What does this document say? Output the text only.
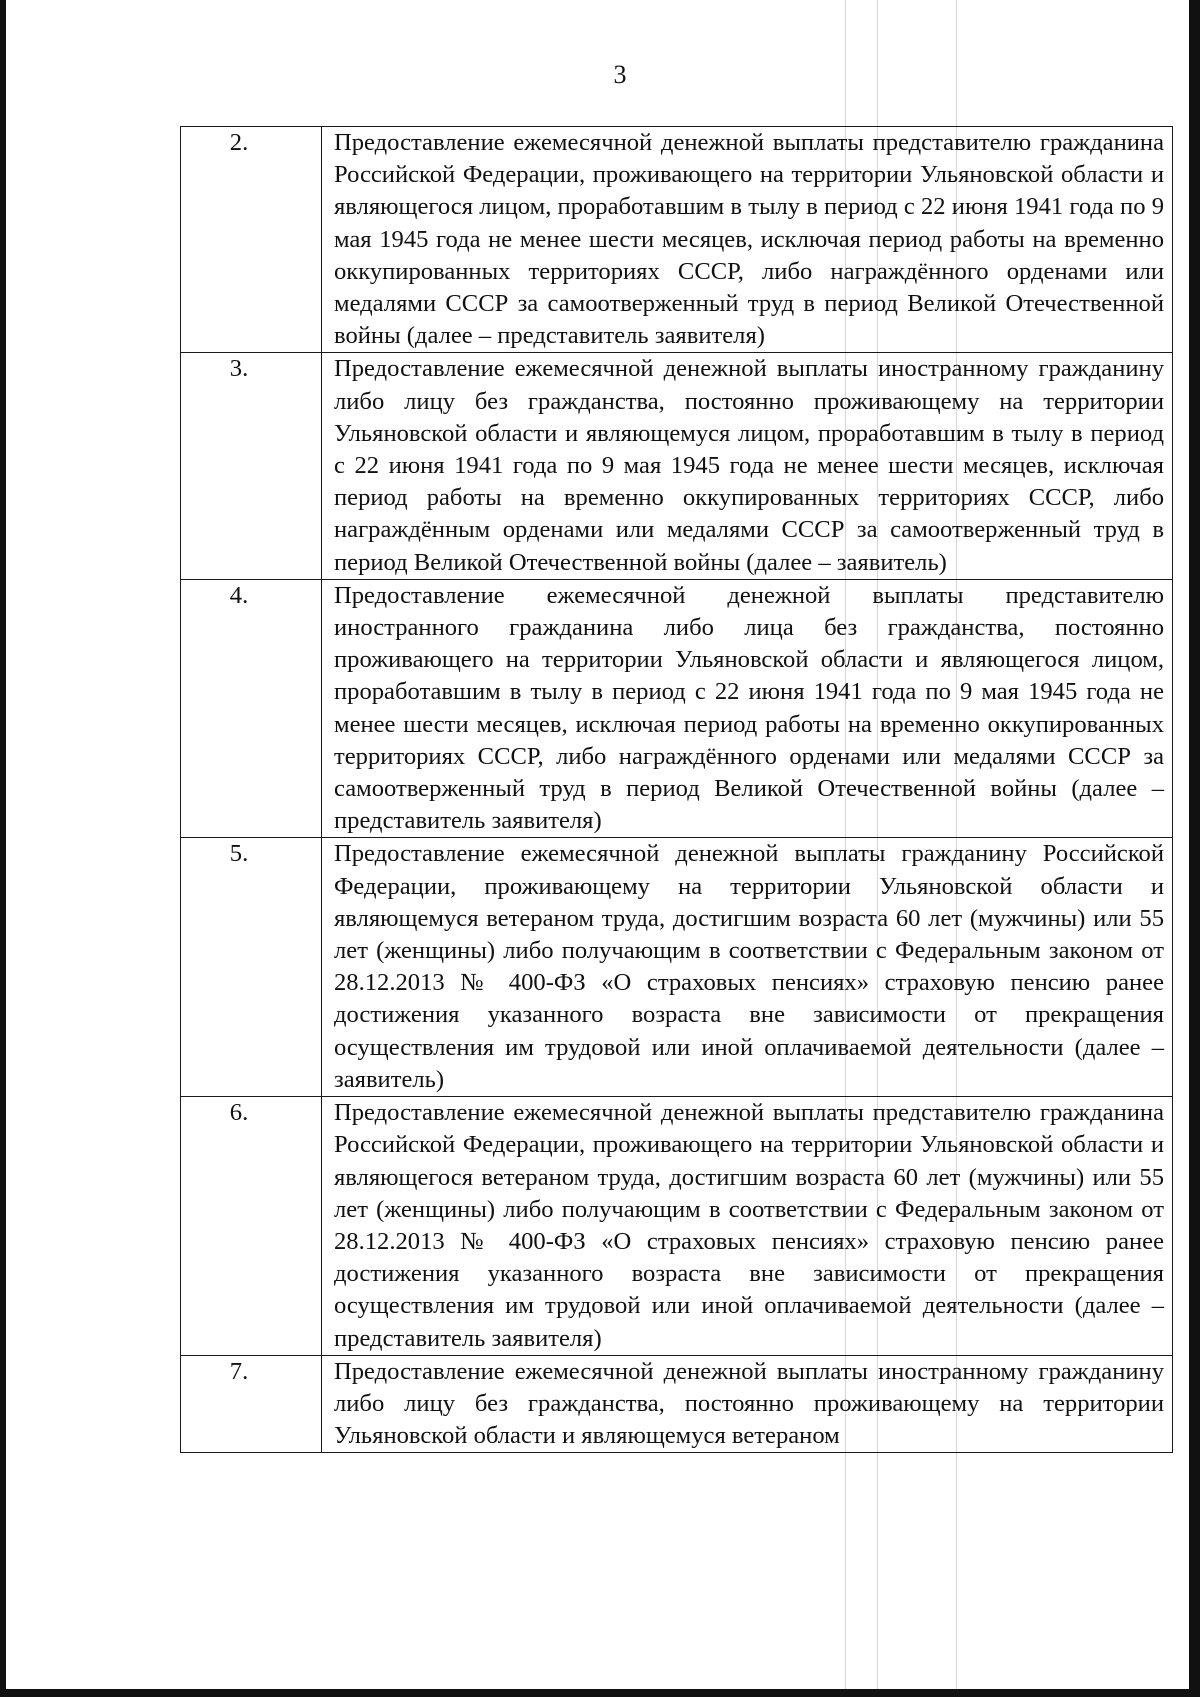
3
2.	Предоставление ежемесячной денежной выплаты представителю гражданина Российской Федерации, проживающего на территории Ульяновской области и являющегося лицом, проработавшим в тылу в период с 22 июня 1941 года по 9 мая 1945 года не менее шести месяцев, исключая период работы на временно оккупированных территориях СССР, либо награждённого орденами или медалями СССР за самоотверженный труд в период Великой Отечественной войны (далее – представитель заявителя)
3.	Предоставление ежемесячной денежной выплаты иностранному гражданину либо лицу без гражданства, постоянно проживающему на территории Ульяновской области и являющемуся лицом, проработавшим в тылу в период с 22 июня 1941 года по 9 мая 1945 года не менее шести месяцев, исключая период работы на временно оккупированных территориях СССР, либо награждённым орденами или медалями СССР за самоотверженный труд в период Великой Отечественной войны (далее – заявитель)
4.	Предоставление ежемесячной денежной выплаты представителю иностранного гражданина либо лица без гражданства, постоянно проживающего на территории Ульяновской области и являющегося лицом, проработавшим в тылу в период с 22 июня 1941 года по 9 мая 1945 года не менее шести месяцев, исключая период работы на временно оккупированных территориях СССР, либо награждённого орденами или медалями СССР за самоотверженный труд в период Великой Отечественной войны (далее – представитель заявителя)
5.	Предоставление ежемесячной денежной выплаты гражданину Российской Федерации, проживающему на территории Ульяновской области и являющемуся ветераном труда, достигшим возраста 60 лет (мужчины) или 55 лет (женщины) либо получающим в соответствии с Федеральным законом от 28.12.2013 № 400-ФЗ «О страховых пенсиях» страховую пенсию ранее достижения указанного возраста вне зависимости от прекращения осуществления им трудовой или иной оплачиваемой деятельности (далее – заявитель)
6.	Предоставление ежемесячной денежной выплаты представителю гражданина Российской Федерации, проживающего на территории Ульяновской области и являющегося ветераном труда, достигшим возраста 60 лет (мужчины) или 55 лет (женщины) либо получающим в соответствии с Федеральным законом от 28.12.2013 № 400-ФЗ «О страховых пенсиях» страховую пенсию ранее достижения указанного возраста вне зависимости от прекращения осуществления им трудовой или иной оплачиваемой деятельности (далее – представитель заявителя)
7.	Предоставление ежемесячной денежной выплаты иностранному гражданину либо лицу без гражданства, постоянно проживающему на территории Ульяновской области и являющемуся ветераном
